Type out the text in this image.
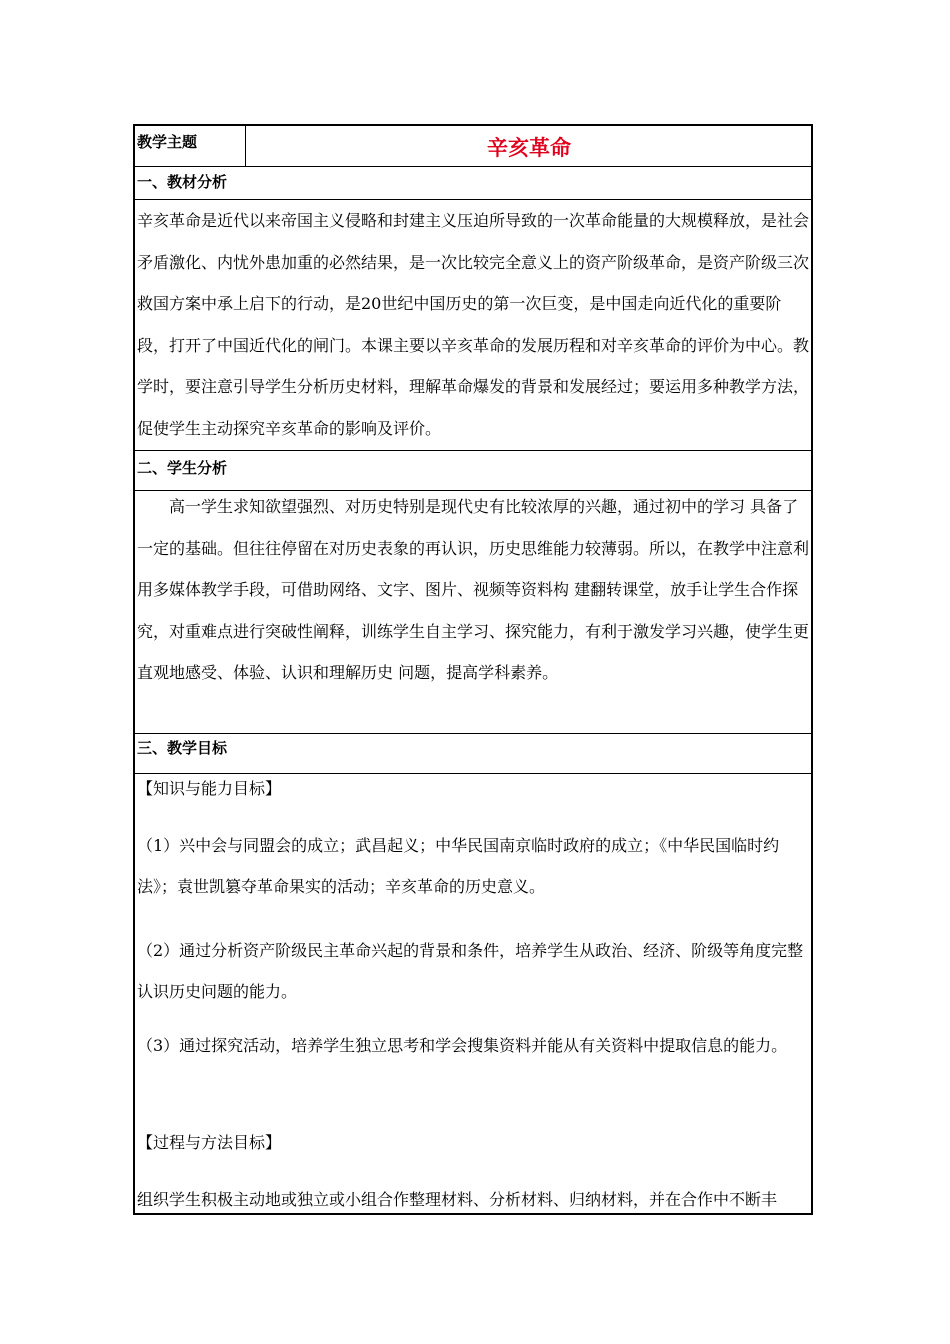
教学主题	辛亥革命
一、教材分析
辛亥革命是近代以来帝国主义侵略和封建主义压迫所导致的一次革命能量的大规模释放，是社会矛盾激化、内忧外患加重的必然结果，是一次比较完全意义上的资产阶级革命，是资产阶级三次救国方案中承上启下的行动，是20世纪中国历史的第一次巨变，是中国走向近代化的重要阶段，打开了中国近代化的闸门。本课主要以辛亥革命的发展历程和对辛亥革命的评价为中心。教学时，要注意引导学生分析历史材料，理解革命爆发的背景和发展经过；要运用多种教学方法，促使学生主动探究辛亥革命的影响及评价。
二、学生分析
高一学生求知欲望强烈、对历史特别是现代史有比较浓厚的兴趣，通过初中的学习 具备了一定的基础。但往往停留在对历史表象的再认识，历史思维能力较薄弱。所以，在教学中注意利用多媒体教学手段，可借助网络、文字、图片、视频等资料构 建翻转课堂，放手让学生合作探究，对重难点进行突破性阐释，训练学生自主学习、探究能力，有利于激发学习兴趣，使学生更直观地感受、体验、认识和理解历史 问题，提高学科素养。
三、教学目标
【知识与能力目标】
（1）兴中会与同盟会的成立；武昌起义；中华民国南京临时政府的成立；《中华民国临时约法》；袁世凯篡夺革命果实的活动；辛亥革命的历史意义。
（2）通过分析资产阶级民主革命兴起的背景和条件，培养学生从政治、经济、阶级等角度完整认识历史问题的能力。
（3）通过探究活动，培养学生独立思考和学会搜集资料并能从有关资料中提取信息的能力。
【过程与方法目标】
组织学生积极主动地或独立或小组合作整理材料、分析材料、归纳材料，并在合作中不断丰
